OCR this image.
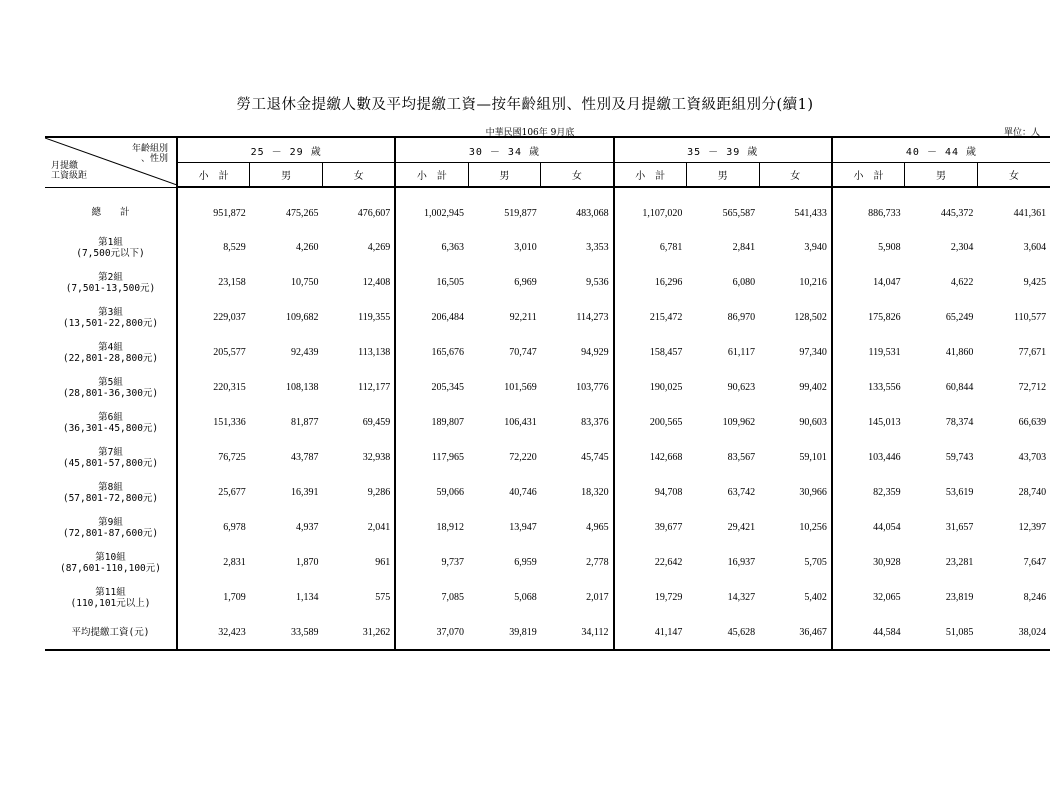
勞工退休金提繳人數及平均提繳工資—按年齡組別、性別及月提繳工資級距組別分(續1)
中華民國106年 9月底	單位：人
年齡組別
、性別
月提繳
工資級距	25 － 29 歲			30 － 34 歲			35 － 39 歲			40 － 44 歲		
	小　計	男	女	小　計	男	女	小　計	男	女	小　計	男	女

總　　計	951,872	475,265	476,607	1,002,945	519,877	483,068	1,107,020	565,587	541,433	886,733	445,372	441,361

第1組
(7,500元以下)	8,529	4,260	4,269	6,363	3,010	3,353	6,781	2,841	3,940	5,908	2,304	3,604

第2組
(7,501-13,500元)	23,158	10,750	12,408	16,505	6,969	9,536	16,296	6,080	10,216	14,047	4,622	9,425

第3組
(13,501-22,800元)	229,037	109,682	119,355	206,484	92,211	114,273	215,472	86,970	128,502	175,826	65,249	110,577

第4組
(22,801-28,800元)	205,577	92,439	113,138	165,676	70,747	94,929	158,457	61,117	97,340	119,531	41,860	77,671

第5組
(28,801-36,300元)	220,315	108,138	112,177	205,345	101,569	103,776	190,025	90,623	99,402	133,556	60,844	72,712

第6組
(36,301-45,800元)	151,336	81,877	69,459	189,807	106,431	83,376	200,565	109,962	90,603	145,013	78,374	66,639

第7組
(45,801-57,800元)	76,725	43,787	32,938	117,965	72,220	45,745	142,668	83,567	59,101	103,446	59,743	43,703

第8組
(57,801-72,800元)	25,677	16,391	9,286	59,066	40,746	18,320	94,708	63,742	30,966	82,359	53,619	28,740

第9組
(72,801-87,600元)	6,978	4,937	2,041	18,912	13,947	4,965	39,677	29,421	10,256	44,054	31,657	12,397

第10組
(87,601-110,100元)	2,831	1,870	961	9,737	6,959	2,778	22,642	16,937	5,705	30,928	23,281	7,647

第11組
(110,101元以上)	1,709	1,134	575	7,085	5,068	2,017	19,729	14,327	5,402	32,065	23,819	8,246

平均提繳工資(元)	32,423	33,589	31,262	37,070	39,819	34,112	41,147	45,628	36,467	44,584	51,085	38,024
